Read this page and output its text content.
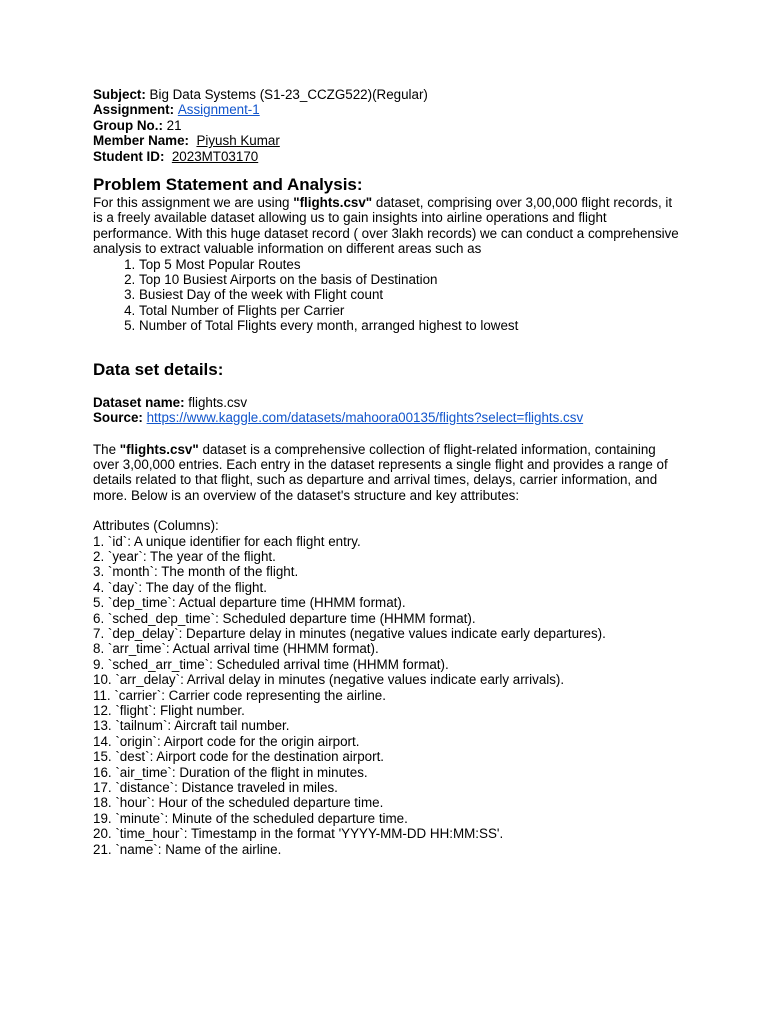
Subject: Big Data Systems (S1-23_CCZG522)(Regular)
Assignment: Assignment-1
Group No.: 21
Member Name: Piyush Kumar
Student ID: 2023MT03170
Problem Statement and Analysis:
For this assignment we are using "flights.csv" dataset, comprising over 3,00,000 flight records, it is a freely available dataset allowing us to gain insights into airline operations and flight performance. With this huge dataset record ( over 3lakh records) we can conduct a comprehensive analysis to extract valuable information on different areas such as
1. Top 5 Most Popular Routes
2. Top 10 Busiest Airports on the basis of Destination
3. Busiest Day of the week with Flight count
4. Total Number of Flights per Carrier
5. Number of Total Flights every month, arranged highest to lowest
Data set details:
Dataset name: flights.csv
Source: https://www.kaggle.com/datasets/mahoora00135/flights?select=flights.csv
The "flights.csv" dataset is a comprehensive collection of flight-related information, containing over 3,00,000 entries. Each entry in the dataset represents a single flight and provides a range of details related to that flight, such as departure and arrival times, delays, carrier information, and more. Below is an overview of the dataset's structure and key attributes:
Attributes (Columns):
1. `id`: A unique identifier for each flight entry.
2. `year`: The year of the flight.
3. `month`: The month of the flight.
4. `day`: The day of the flight.
5. `dep_time`: Actual departure time (HHMM format).
6. `sched_dep_time`: Scheduled departure time (HHMM format).
7. `dep_delay`: Departure delay in minutes (negative values indicate early departures).
8. `arr_time`: Actual arrival time (HHMM format).
9. `sched_arr_time`: Scheduled arrival time (HHMM format).
10. `arr_delay`: Arrival delay in minutes (negative values indicate early arrivals).
11. `carrier`: Carrier code representing the airline.
12. `flight`: Flight number.
13. `tailnum`: Aircraft tail number.
14. `origin`: Airport code for the origin airport.
15. `dest`: Airport code for the destination airport.
16. `air_time`: Duration of the flight in minutes.
17. `distance`: Distance traveled in miles.
18. `hour`: Hour of the scheduled departure time.
19. `minute`: Minute of the scheduled departure time.
20. `time_hour`: Timestamp in the format 'YYYY-MM-DD HH:MM:SS'.
21. `name`: Name of the airline.
